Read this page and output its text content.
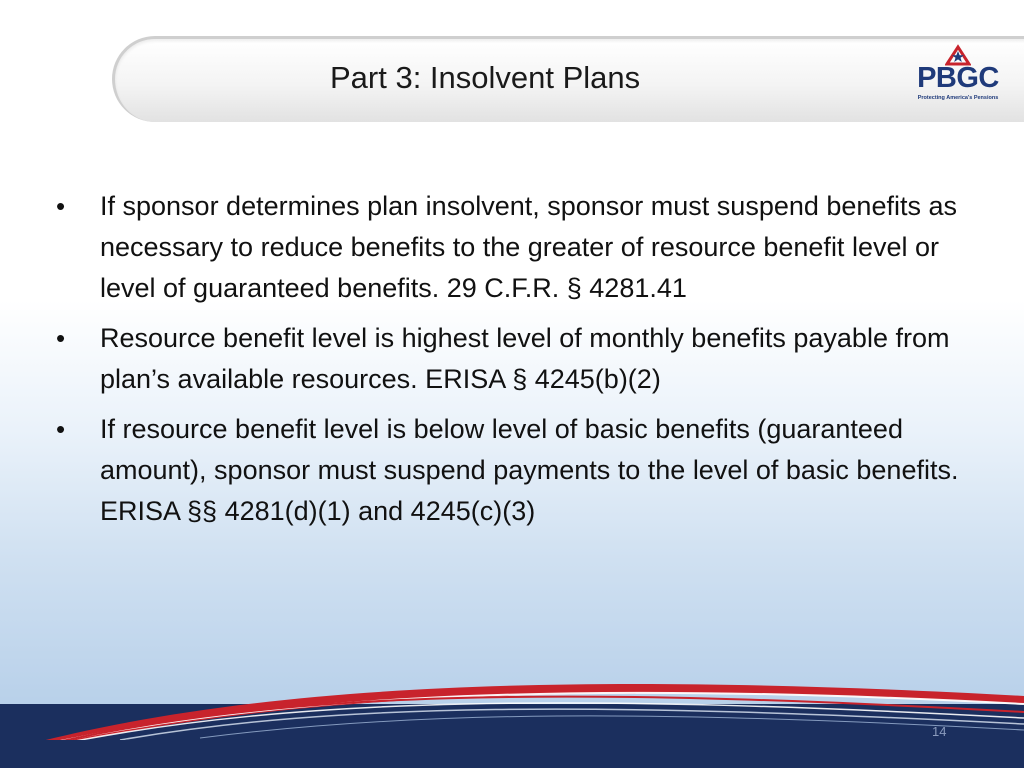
Part 3: Insolvent Plans	PBGC
Protecting America's Pensions
•	If sponsor determines plan insolvent, sponsor must suspend benefits as necessary to reduce benefits to the greater of resource benefit level or level of guaranteed benefits. 29 C.F.R. § 4281.41
•	Resource benefit level is highest level of monthly benefits payable from plan’s available resources. ERISA § 4245(b)(2)
•	If resource benefit level is below level of basic benefits (guaranteed amount), sponsor must suspend payments to the level of basic benefits. ERISA §§ 4281(d)(1) and 4245(c)(3)
14
